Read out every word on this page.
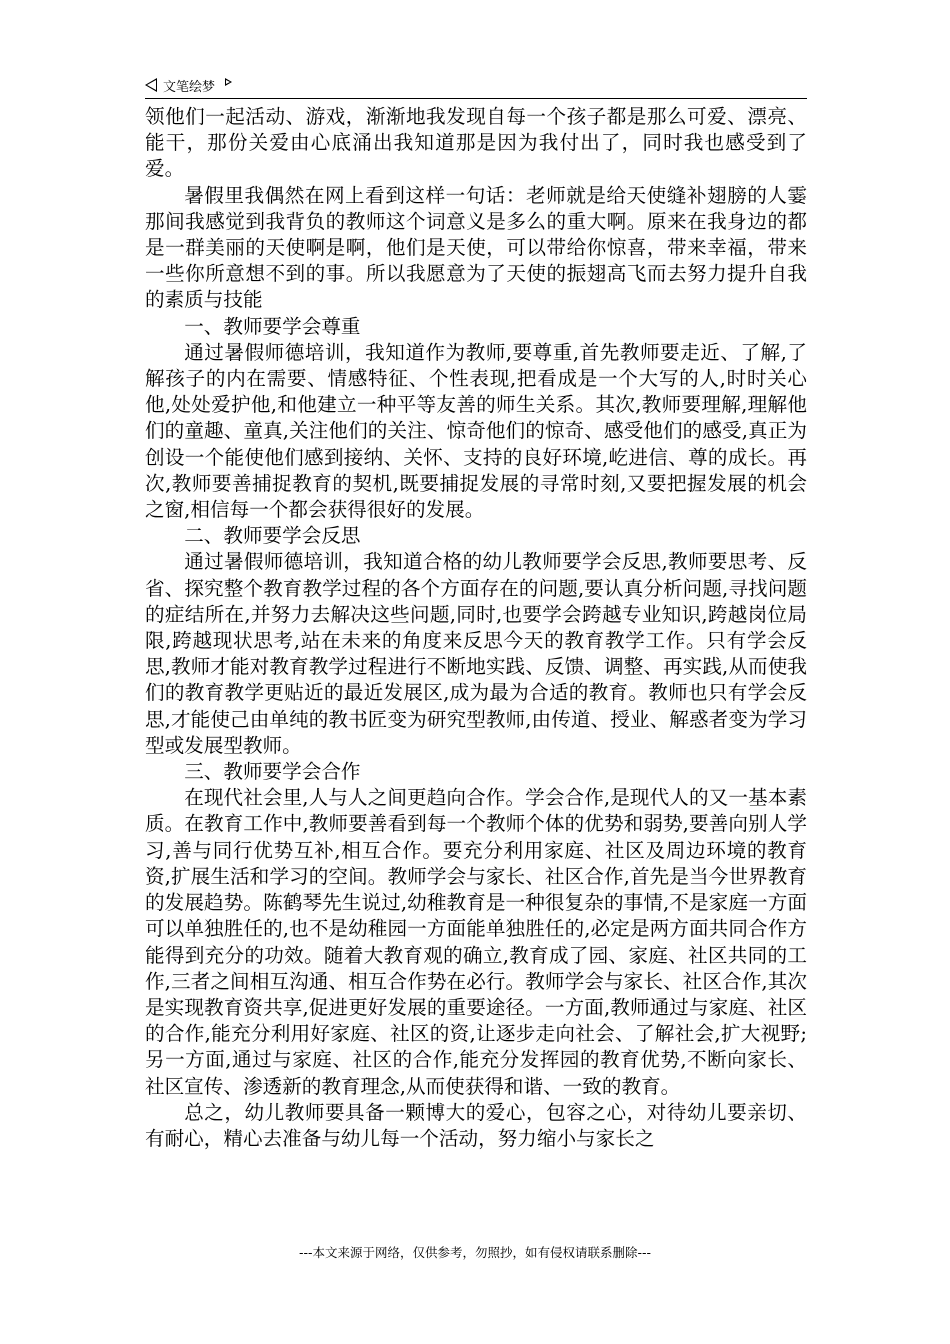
文笔绘梦

领他们一起活动、游戏，渐渐地我发现自每一个孩子都是那么可爱、漂亮、能干，那份关爱由心底涌出我知道那是因为我付出了，同时我也感受到了爱。

暑假里我偶然在网上看到这样一句话：老师就是给天使缝补翅膀的人霎那间我感觉到我背负的教师这个词意义是多么的重大啊。原来在我身边的都是一群美丽的天使啊是啊，他们是天使，可以带给你惊喜，带来幸福，带来一些你所意想不到的事。所以我愿意为了天使的振翅高飞而去努力提升自我的素质与技能

一、教师要学会尊重

通过暑假师德培训，我知道作为教师,要尊重,首先教师要走近、了解,了解孩子的内在需要、情感特征、个性表现,把看成是一个大写的人,时时关心他,处处爱护他,和他建立一种平等友善的师生关系。其次,教师要理解,理解他们的童趣、童真,关注他们的关注、惊奇他们的惊奇、感受他们的感受,真正为创设一个能使他们感到接纳、关怀、支持的良好环境,屹进信、尊的成长。再次,教师要善捕捉教育的契机,既要捕捉发展的寻常时刻,又要把握发展的机会之窗,相信每一个都会获得很好的发展。

二、教师要学会反思

通过暑假师德培训，我知道合格的幼儿教师要学会反思,教师要思考、反省、探究整个教育教学过程的各个方面存在的问题,要认真分析问题,寻找问题的症结所在,并努力去解决这些问题,同时,也要学会跨越专业知识,跨越岗位局限,跨越现状思考,站在未来的角度来反思今天的教育教学工作。只有学会反思,教师才能对教育教学过程进行不断地实践、反馈、调整、再实践,从而使我们的教育教学更贴近的最近发展区,成为最为合适的教育。教师也只有学会反思,才能使己由单纯的教书匠变为研究型教师,由传道、授业、解惑者变为学习型或发展型教师。

三、教师要学会合作

在现代社会里,人与人之间更趋向合作。学会合作,是现代人的又一基本素质。在教育工作中,教师要善看到每一个教师个体的优势和弱势,要善向别人学习,善与同行优势互补,相互合作。要充分利用家庭、社区及周边环境的教育资,扩展生活和学习的空间。教师学会与家长、社区合作,首先是当今世界教育的发展趋势。陈鹤琴先生说过,幼稚教育是一种很复杂的事情,不是家庭一方面可以单独胜任的,也不是幼稚园一方面能单独胜任的,必定是两方面共同合作方能得到充分的功效。随着大教育观的确立,教育成了园、家庭、社区共同的工作,三者之间相互沟通、相互合作势在必行。教师学会与家长、社区合作,其次是实现教育资共享,促进更好发展的重要途径。一方面,教师通过与家庭、社区的合作,能充分利用好家庭、社区的资,让逐步走向社会、了解社会,扩大视野;另一方面,通过与家庭、社区的合作,能充分发挥园的教育优势,不断向家长、社区宣传、渗透新的教育理念,从而使获得和谐、一致的教育。

总之，幼儿教师要具备一颗博大的爱心，包容之心，对待幼儿要亲切、有耐心，精心去准备与幼儿每一个活动，努力缩小与家长之

---本文来源于网络，仅供参考，勿照抄，如有侵权请联系删除---
